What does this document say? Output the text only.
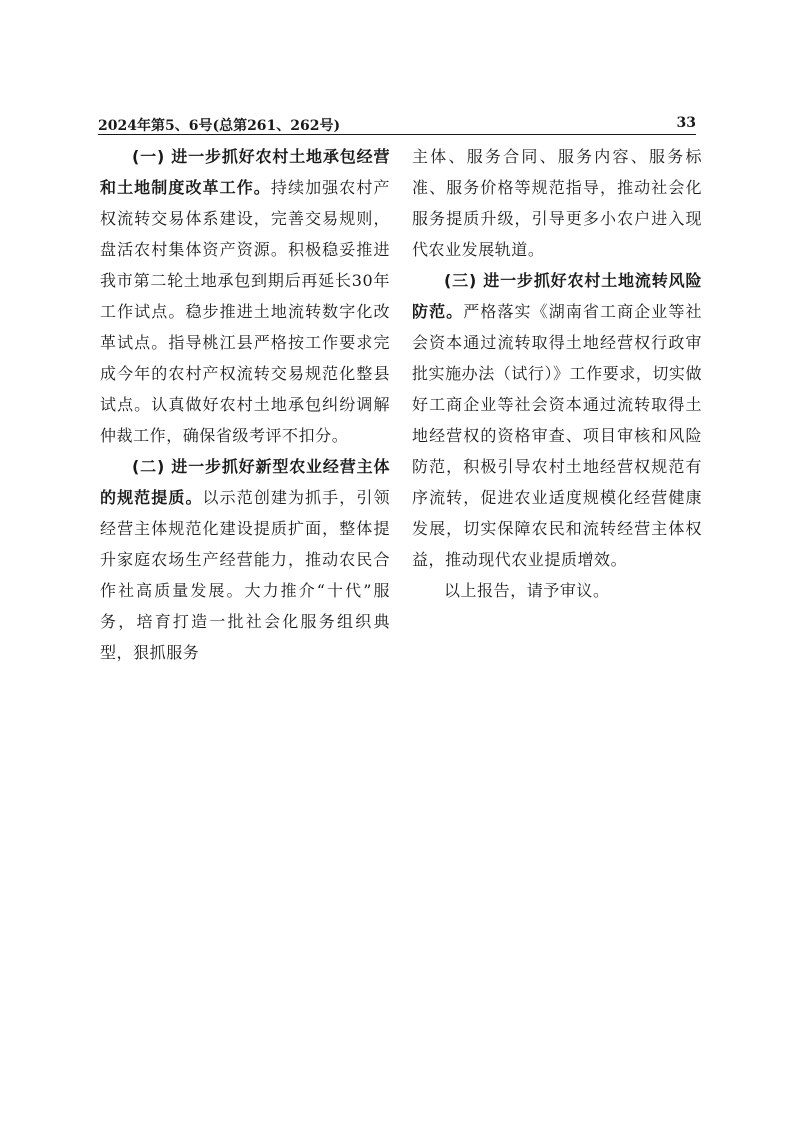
2024年第5、6号(总第261、262号)	33

(一) 进一步抓好农村土地承包经营和土地制度改革工作。持续加强农村产权流转交易体系建设，完善交易规则，盘活农村集体资产资源。积极稳妥推进我市第二轮土地承包到期后再延长30年工作试点。稳步推进土地流转数字化改革试点。指导桃江县严格按工作要求完成今年的农村产权流转交易规范化整县试点。认真做好农村土地承包纠纷调解仲裁工作，确保省级考评不扣分。

(二) 进一步抓好新型农业经营主体的规范提质。以示范创建为抓手，引领经营主体规范化建设提质扩面，整体提升家庭农场生产经营能力，推动农民合作社高质量发展。大力推介“十代”服务，培育打造一批社会化服务组织典型，狠抓服务

主体、服务合同、服务内容、服务标准、服务价格等规范指导，推动社会化服务提质升级，引导更多小农户进入现代农业发展轨道。

(三) 进一步抓好农村土地流转风险防范。严格落实《湖南省工商企业等社会资本通过流转取得土地经营权行政审批实施办法（试行）》工作要求，切实做好工商企业等社会资本通过流转取得土地经营权的资格审查、项目审核和风险防范，积极引导农村土地经营权规范有序流转，促进农业适度规模化经营健康发展，切实保障农民和流转经营主体权益，推动现代农业提质增效。

以上报告，请予审议。
